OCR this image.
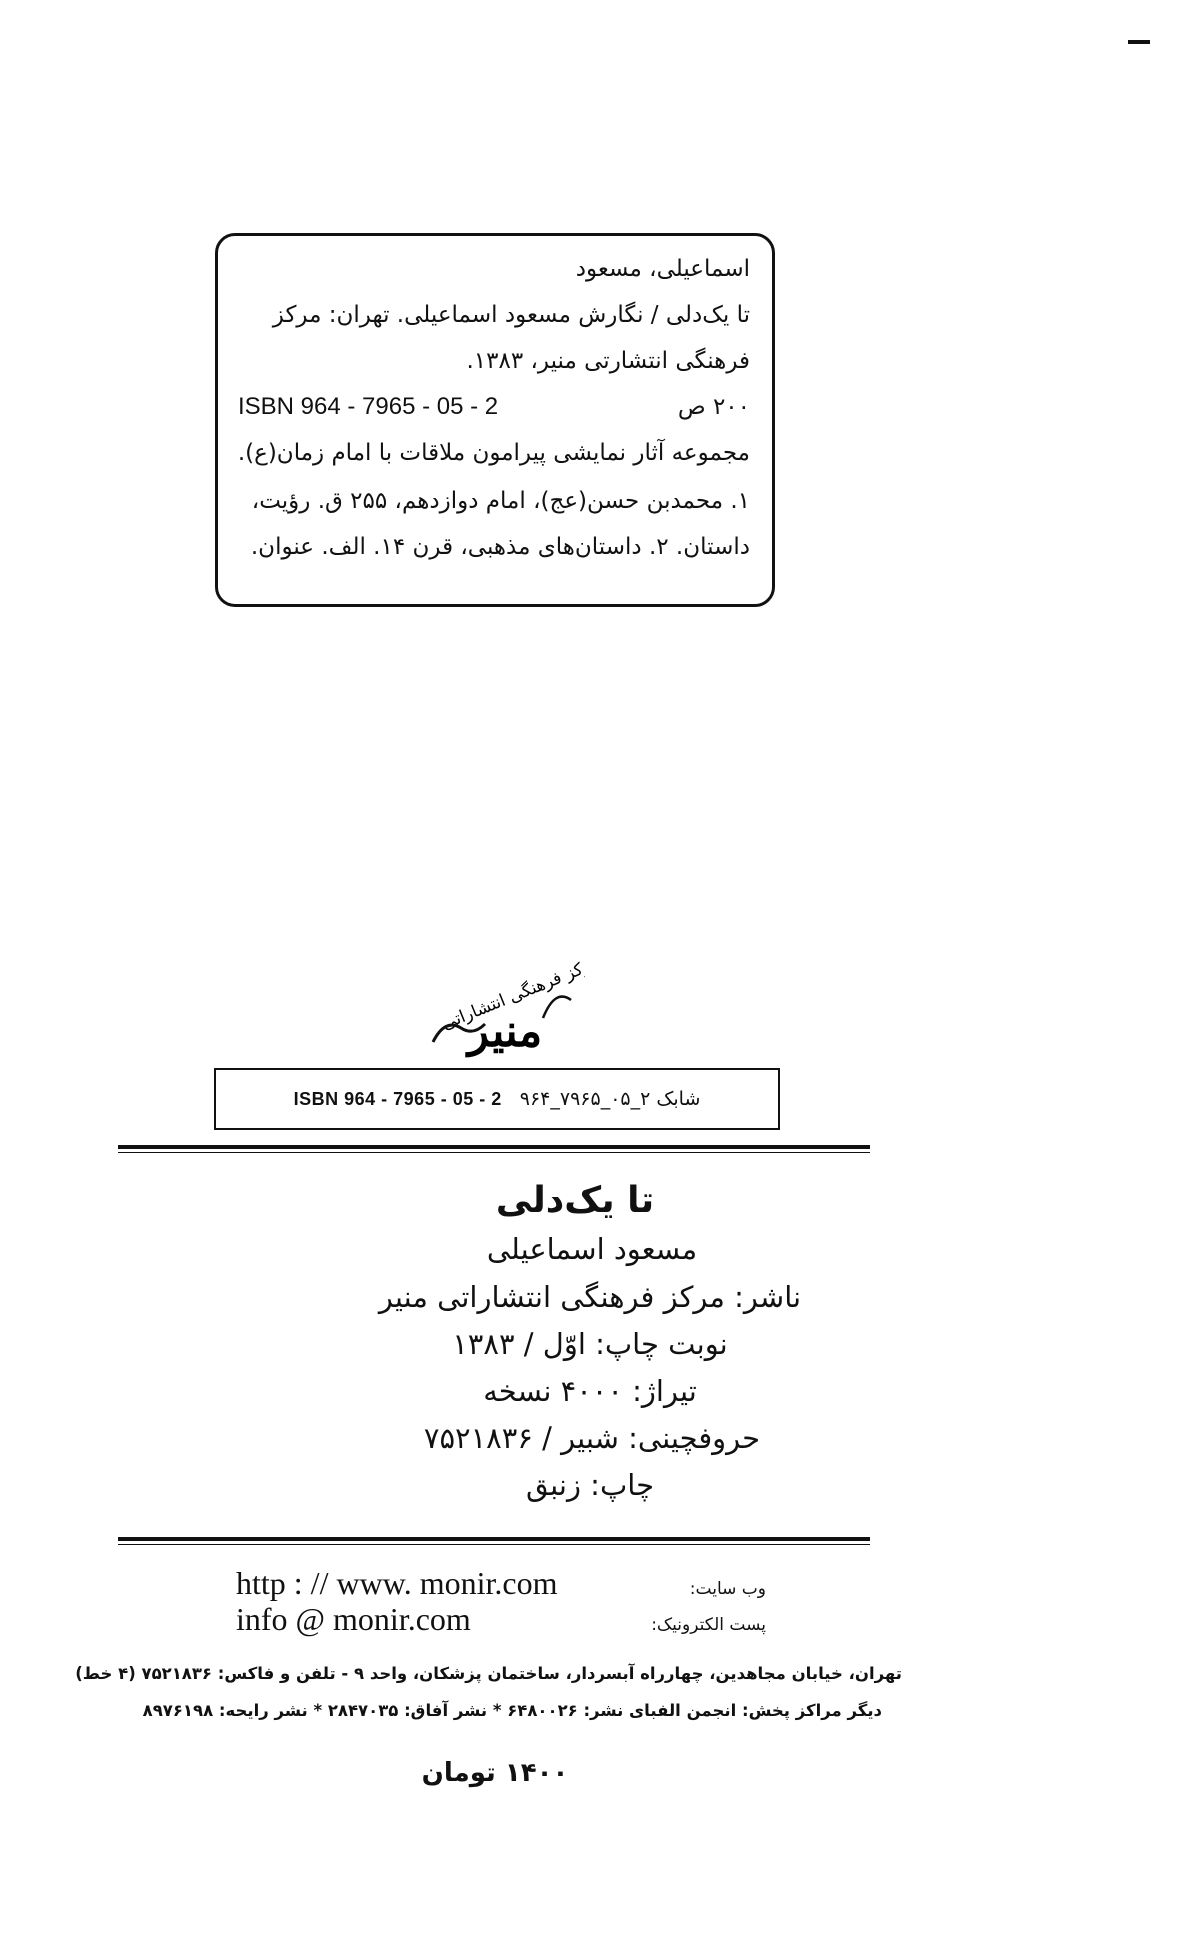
اسماعیلی، مسعود
تا یک‌دلی / نگارش مسعود اسماعیلی. تهران: مرکز
فرهنگی انتشارتی منیر، ۱۳۸۳.
ISBN 964 - 7965 - 05 - 2	۲۰۰ ص
مجموعه آثار نمایشی پیرامون ملاقات با امام زمان(ع).
۱. محمدبن حسن(عج)، امام دوازدهم، ۲۵۵ ق. رؤیت،
داستان. ۲. داستان‌های مذهبی، قرن ۱۴. الف. عنوان.
مرکز فرهنگی انتشاراتی
منیر
ISBN 964 - 7965 - 05 - 2 شابک ۲_۰۵_۷۹۶۵_۹۶۴
تا یک‌دلی
مسعود اسماعیلی
ناشر: مرکز فرهنگی انتشاراتی منیر
نوبت چاپ: اوّل / ۱۳۸۳
تیراژ: ۴۰۰۰ نسخه
حروفچینی: شبیر / ۷۵۲۱۸۳۶
چاپ: زنبق
http : // www. monir.com	وب سایت:
info @ monir.com	پست الکترونیک:
تهران، خیابان مجاهدین، چهارراه آبسردار، ساختمان پزشکان، واحد ۹ - تلفن و فاکس: ۷۵۲۱۸۳۶ (۴ خط)
دیگر مراکز پخش: انجمن الفبای نشر: ۶۴۸۰۰۲۶ * نشر آفاق: ۲۸۴۷۰۳۵ * نشر رایحه: ۸۹۷۶۱۹۸
۱۴۰۰ تومان
